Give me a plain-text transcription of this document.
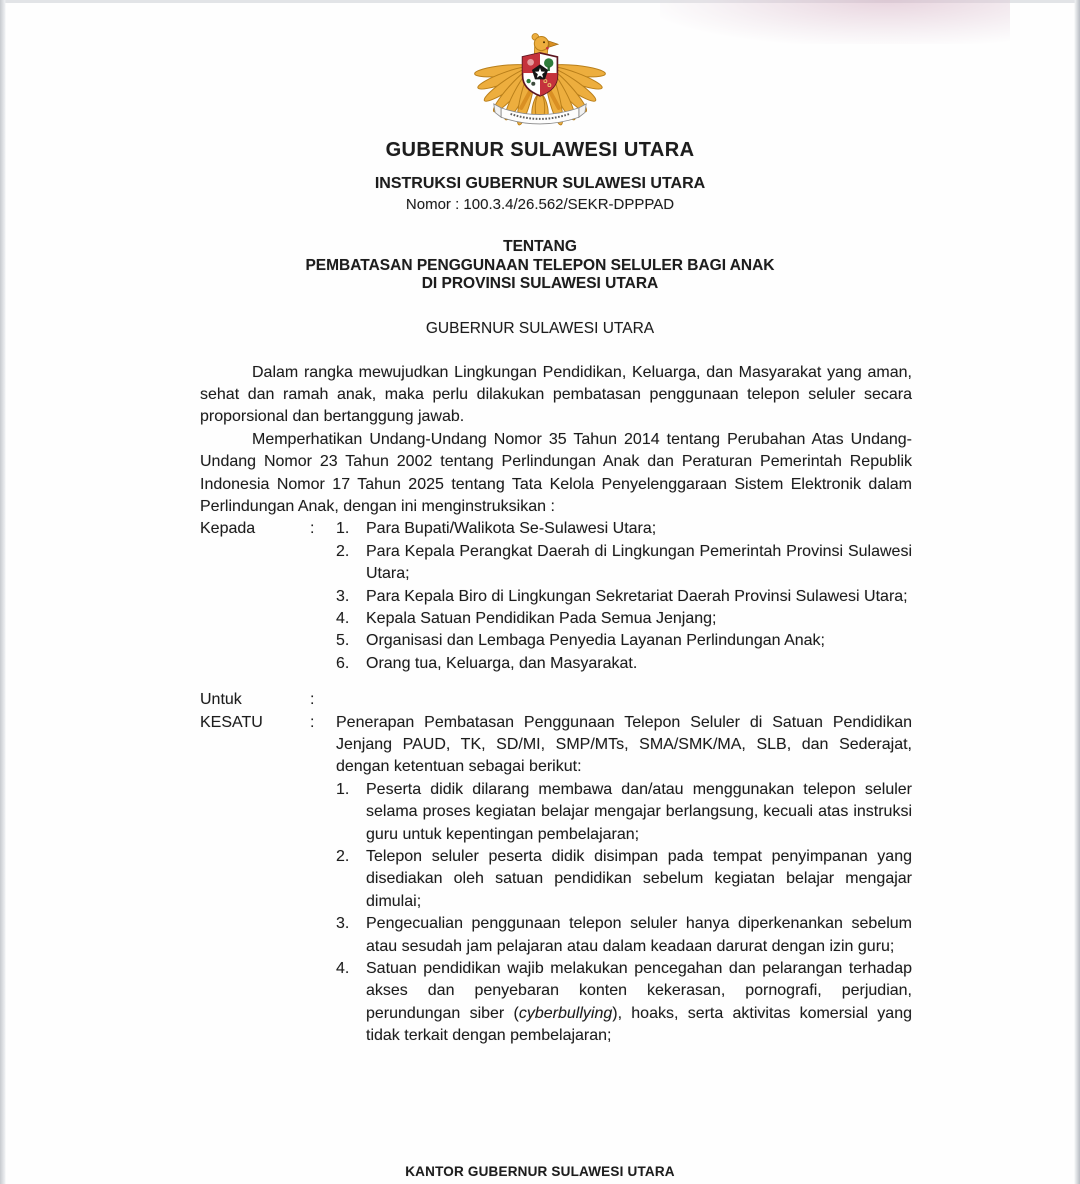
GUBERNUR SULAWESI UTARA
INSTRUKSI GUBERNUR SULAWESI UTARA
Nomor : 100.3.4/26.562/SEKR-DPPPAD
TENTANG
PEMBATASAN PENGGUNAAN TELEPON SELULER BAGI ANAK
DI PROVINSI SULAWESI UTARA
GUBERNUR SULAWESI UTARA

Dalam rangka mewujudkan Lingkungan Pendidikan, Keluarga, dan Masyarakat yang aman, sehat dan ramah anak, maka perlu dilakukan pembatasan penggunaan telepon seluler secara proporsional dan bertanggung jawab.

Memperhatikan Undang-Undang Nomor 35 Tahun 2014 tentang Perubahan Atas Undang-Undang Nomor 23 Tahun 2002 tentang Perlindungan Anak dan Peraturan Pemerintah Republik Indonesia Nomor 17 Tahun 2025 tentang Tata Kelola Penyelenggaraan Sistem Elektronik dalam Perlindungan Anak, dengan ini menginstruksikan :

Kepada	:	1. Para Bupati/Walikota Se-Sulawesi Utara;
2. Para Kepala Perangkat Daerah di Lingkungan Pemerintah Provinsi Sulawesi Utara;
3. Para Kepala Biro di Lingkungan Sekretariat Daerah Provinsi Sulawesi Utara;
4. Kepala Satuan Pendidikan Pada Semua Jenjang;
5. Organisasi dan Lembaga Penyedia Layanan Perlindungan Anak;
6. Orang tua, Keluarga, dan Masyarakat.
Untuk	:
KESATU	:	Penerapan Pembatasan Penggunaan Telepon Seluler di Satuan Pendidikan Jenjang PAUD, TK, SD/MI, SMP/MTs, SMA/SMK/MA, SLB, dan Sederajat, dengan ketentuan sebagai berikut:

1. Peserta didik dilarang membawa dan/atau menggunakan telepon seluler selama proses kegiatan belajar mengajar berlangsung, kecuali atas instruksi guru untuk kepentingan pembelajaran;
2. Telepon seluler peserta didik disimpan pada tempat penyimpanan yang disediakan oleh satuan pendidikan sebelum kegiatan belajar mengajar dimulai;
3. Pengecualian penggunaan telepon seluler hanya diperkenankan sebelum atau sesudah jam pelajaran atau dalam keadaan darurat dengan izin guru;
4. Satuan pendidikan wajib melakukan pencegahan dan pelarangan terhadap akses dan penyebaran konten kekerasan, pornografi, perjudian, perundungan siber (cyberbullying), hoaks, serta aktivitas komersial yang tidak terkait dengan pembelajaran;
KANTOR GUBERNUR SULAWESI UTARA
